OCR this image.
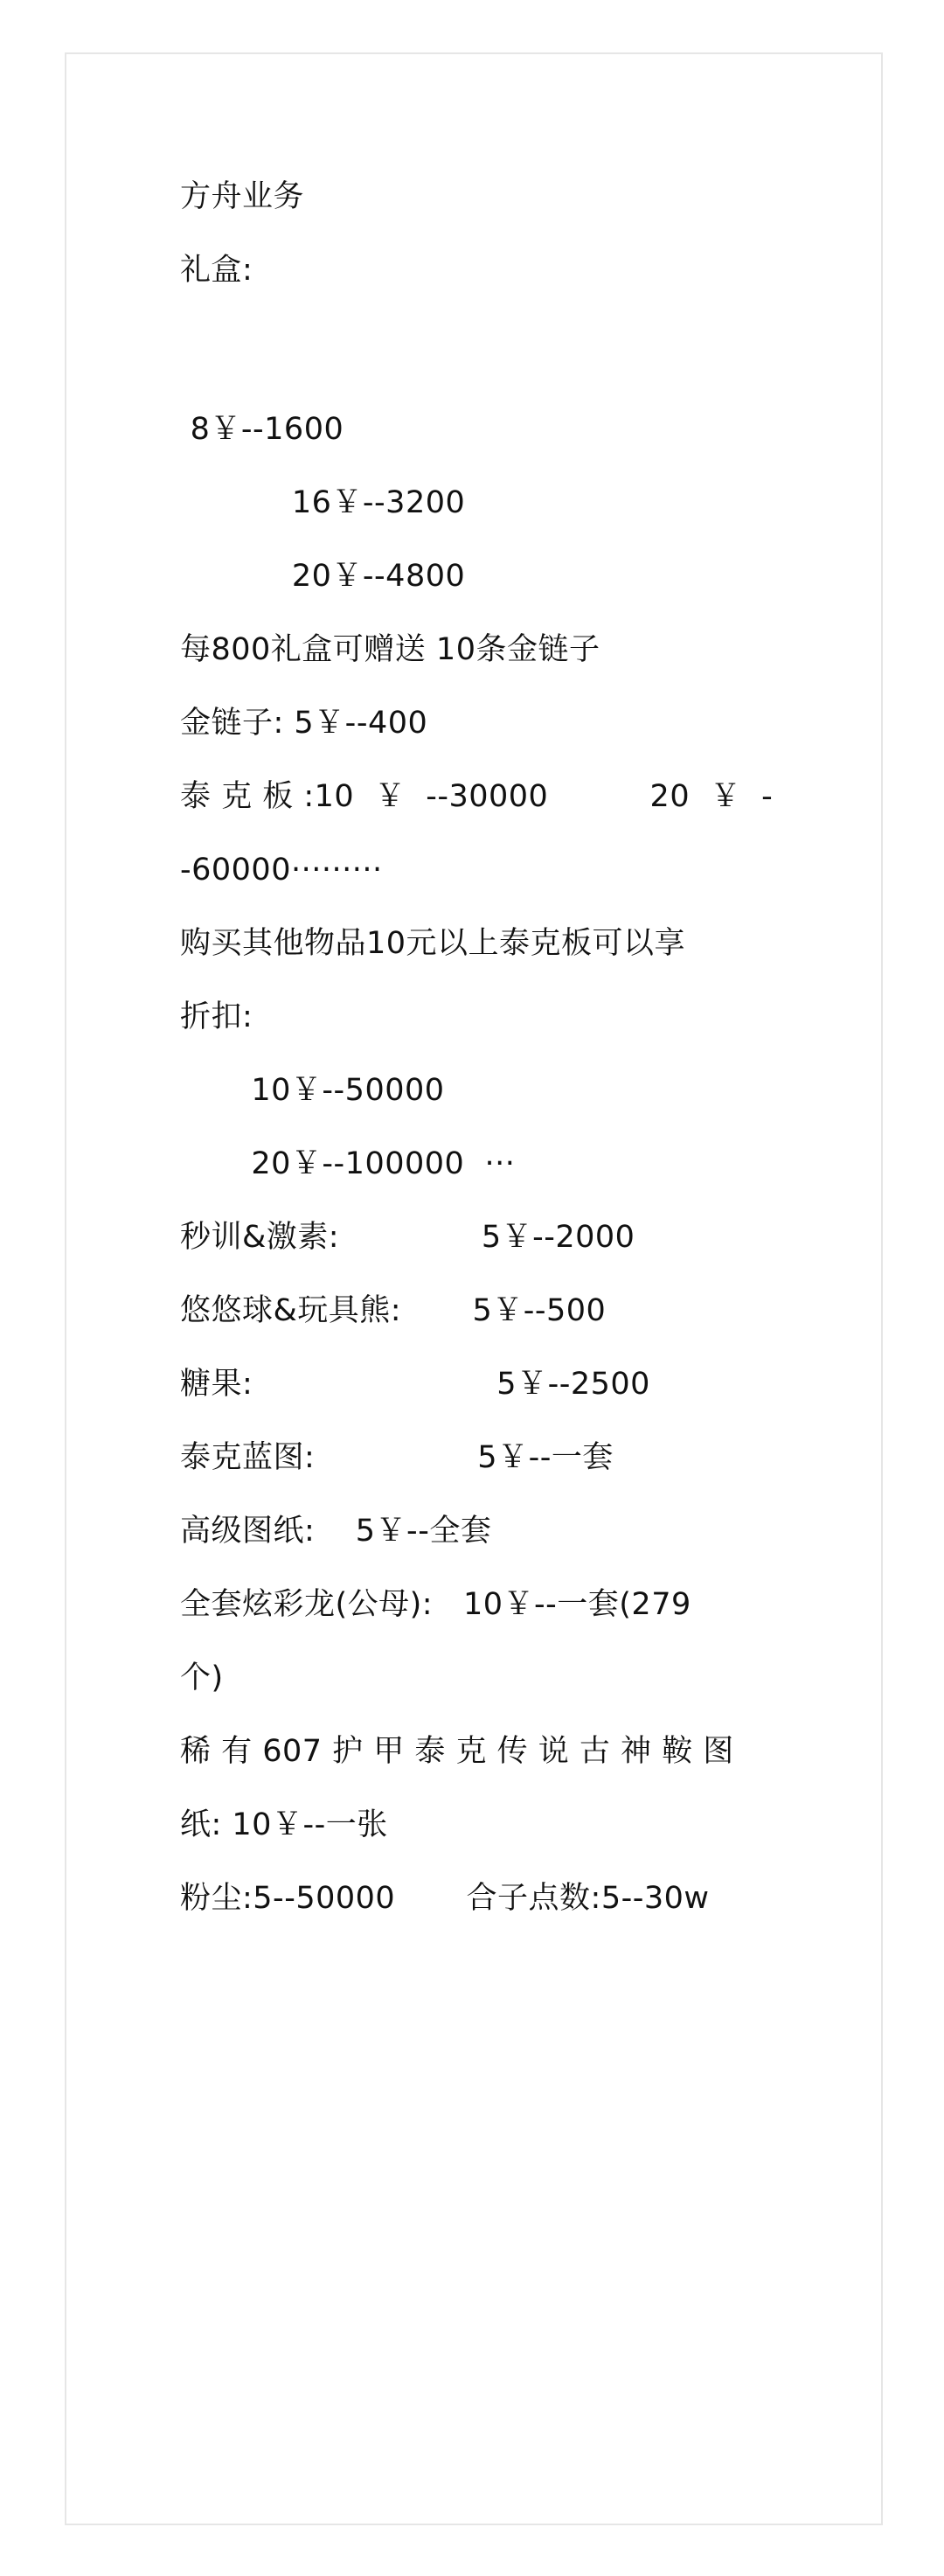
方舟业务
礼盒:
8￥--1600
16￥--3200
20￥--4800
每800礼盒可赠送 10条金链子
金链子: 5￥--400
泰 克 板 :10  ￥  --30000          20  ￥  -
-60000·········
购买其他物品10元以上泰克板可以享
折扣:
10￥--50000
20￥--100000  ···
秒训&激素:              5￥--2000
悠悠球&玩具熊:       5￥--500
糖果:                        5￥--2500
泰克蓝图:                5￥--一套
高级图纸:    5￥--全套
全套炫彩龙(公母):   10￥--一套(279
个)
稀 有 607 护 甲 泰 克 传 说 古 神 鞍 图
纸: 10￥--一张
粉尘:5--50000       合子点数:5--30w
